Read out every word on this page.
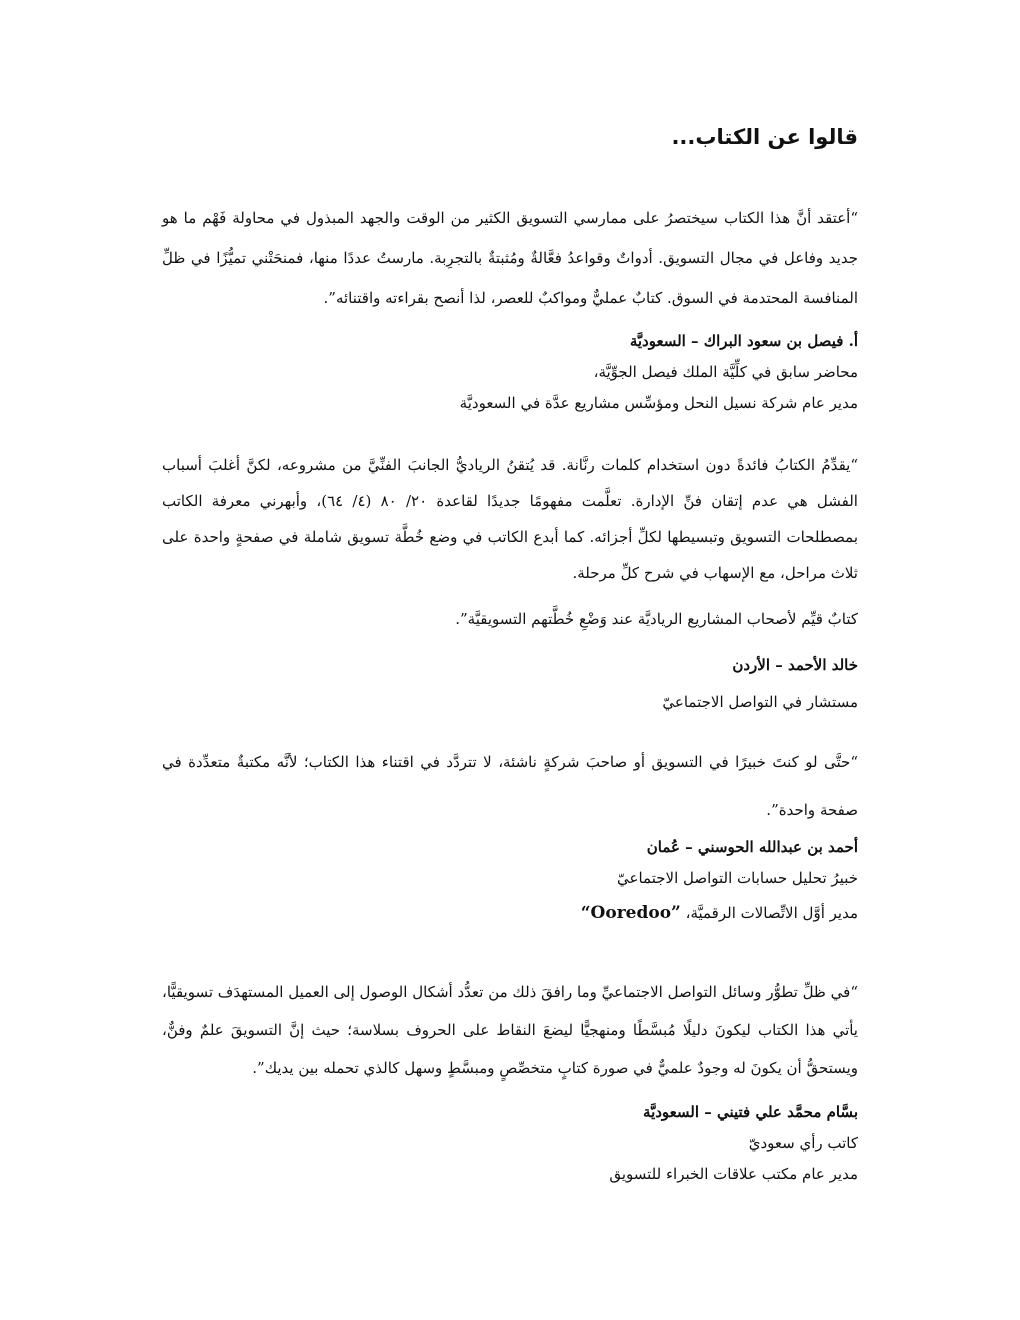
قالوا عن الكتاب...

“أعتقد أنَّ هذا الكتاب سيختصرُ على ممارسي التسويق الكثير من الوقت والجهد المبذول في محاولة فَهْم ما هو جديد وفاعل في مجال التسويق. أدواتٌ وقواعدُ فعَّالةٌ ومُثبتةٌ بالتجرِبة. مارستُ عددًا منها، فمنحَتْني تميُّزًا في ظلِّ المنافسة المحتدمة في السوق. كتابٌ عمليٌّ ومواكبٌ للعصر، لذا أنصح بقراءته واقتنائه”.

أ. فيصل بن سعود البراك – السعوديَّة

محاضر سابق في كلِّيَّة الملك فيصل الجوِّيَّة،

مدير عام شركة نسيل النحل ومؤسِّس مشاريع عدَّة في السعوديَّة

“يقدِّمُ الكتابُ فائدةً دون استخدام كلمات رنَّانة. قد يُتقنُ الرياديُّ الجانبَ الفنِّيَّ من مشروعه، لكنَّ أغلبَ أسباب الفشل هي عدم إتقان فنِّ الإدارة. تعلَّمت مفهومًا جديدًا لقاعدة ٢٠/ ٨٠ (٤/ ٦٤)، وأبهرني معرفة الكاتب بمصطلحات التسويق وتبسيطها لكلِّ أجزائه. كما أبدع الكاتب في وضع خُطَّة تسويق شاملة في صفحةٍ واحدة على ثلاث مراحل، مع الإسهاب في شرح كلِّ مرحلة.

كتابٌ قيِّم لأصحاب المشاريع الرياديَّة عند وَضْعِ خُطَّتهم التسويقيَّة”.

خالد الأحمد – الأردن

مستشار في التواصل الاجتماعيّ

“حتَّى لو كنتَ خبيرًا في التسويق أو صاحبَ شركةٍ ناشئة، لا تتردَّد في اقتناء هذا الكتاب؛ لأنَّه مكتبةٌ متعدِّدة في صفحة واحدة”.

أحمد بن عبدالله الحوسني – عُمان

خبيرُ تحليل حسابات التواصل الاجتماعيّ

مدير أوَّل الاتِّصالات الرقميَّة، “Ooredoo”

“في ظلِّ تطوُّر وسائل التواصل الاجتماعيِّ وما رافقَ ذلك من تعدُّد أشكال الوصول إلى العميل المستهدَف تسويقيًّا، يأتي هذا الكتاب ليكونَ دليلًا مُبسَّطًا ومنهجيًّا ليضعَ النقاط على الحروف بسلاسة؛ حيث إنَّ التسويقَ علمٌ وفنٌّ، ويستحقُّ أن يكونَ له وجودٌ علميٌّ في صورة كتابٍ متخصِّصٍ ومبسَّطٍ وسهل كالذي تحمله بين يديك”.

بسَّام محمَّد علي فتيني – السعوديَّة

كاتب رأي سعوديّ

مدير عام مكتب علاقات الخبراء للتسويق
